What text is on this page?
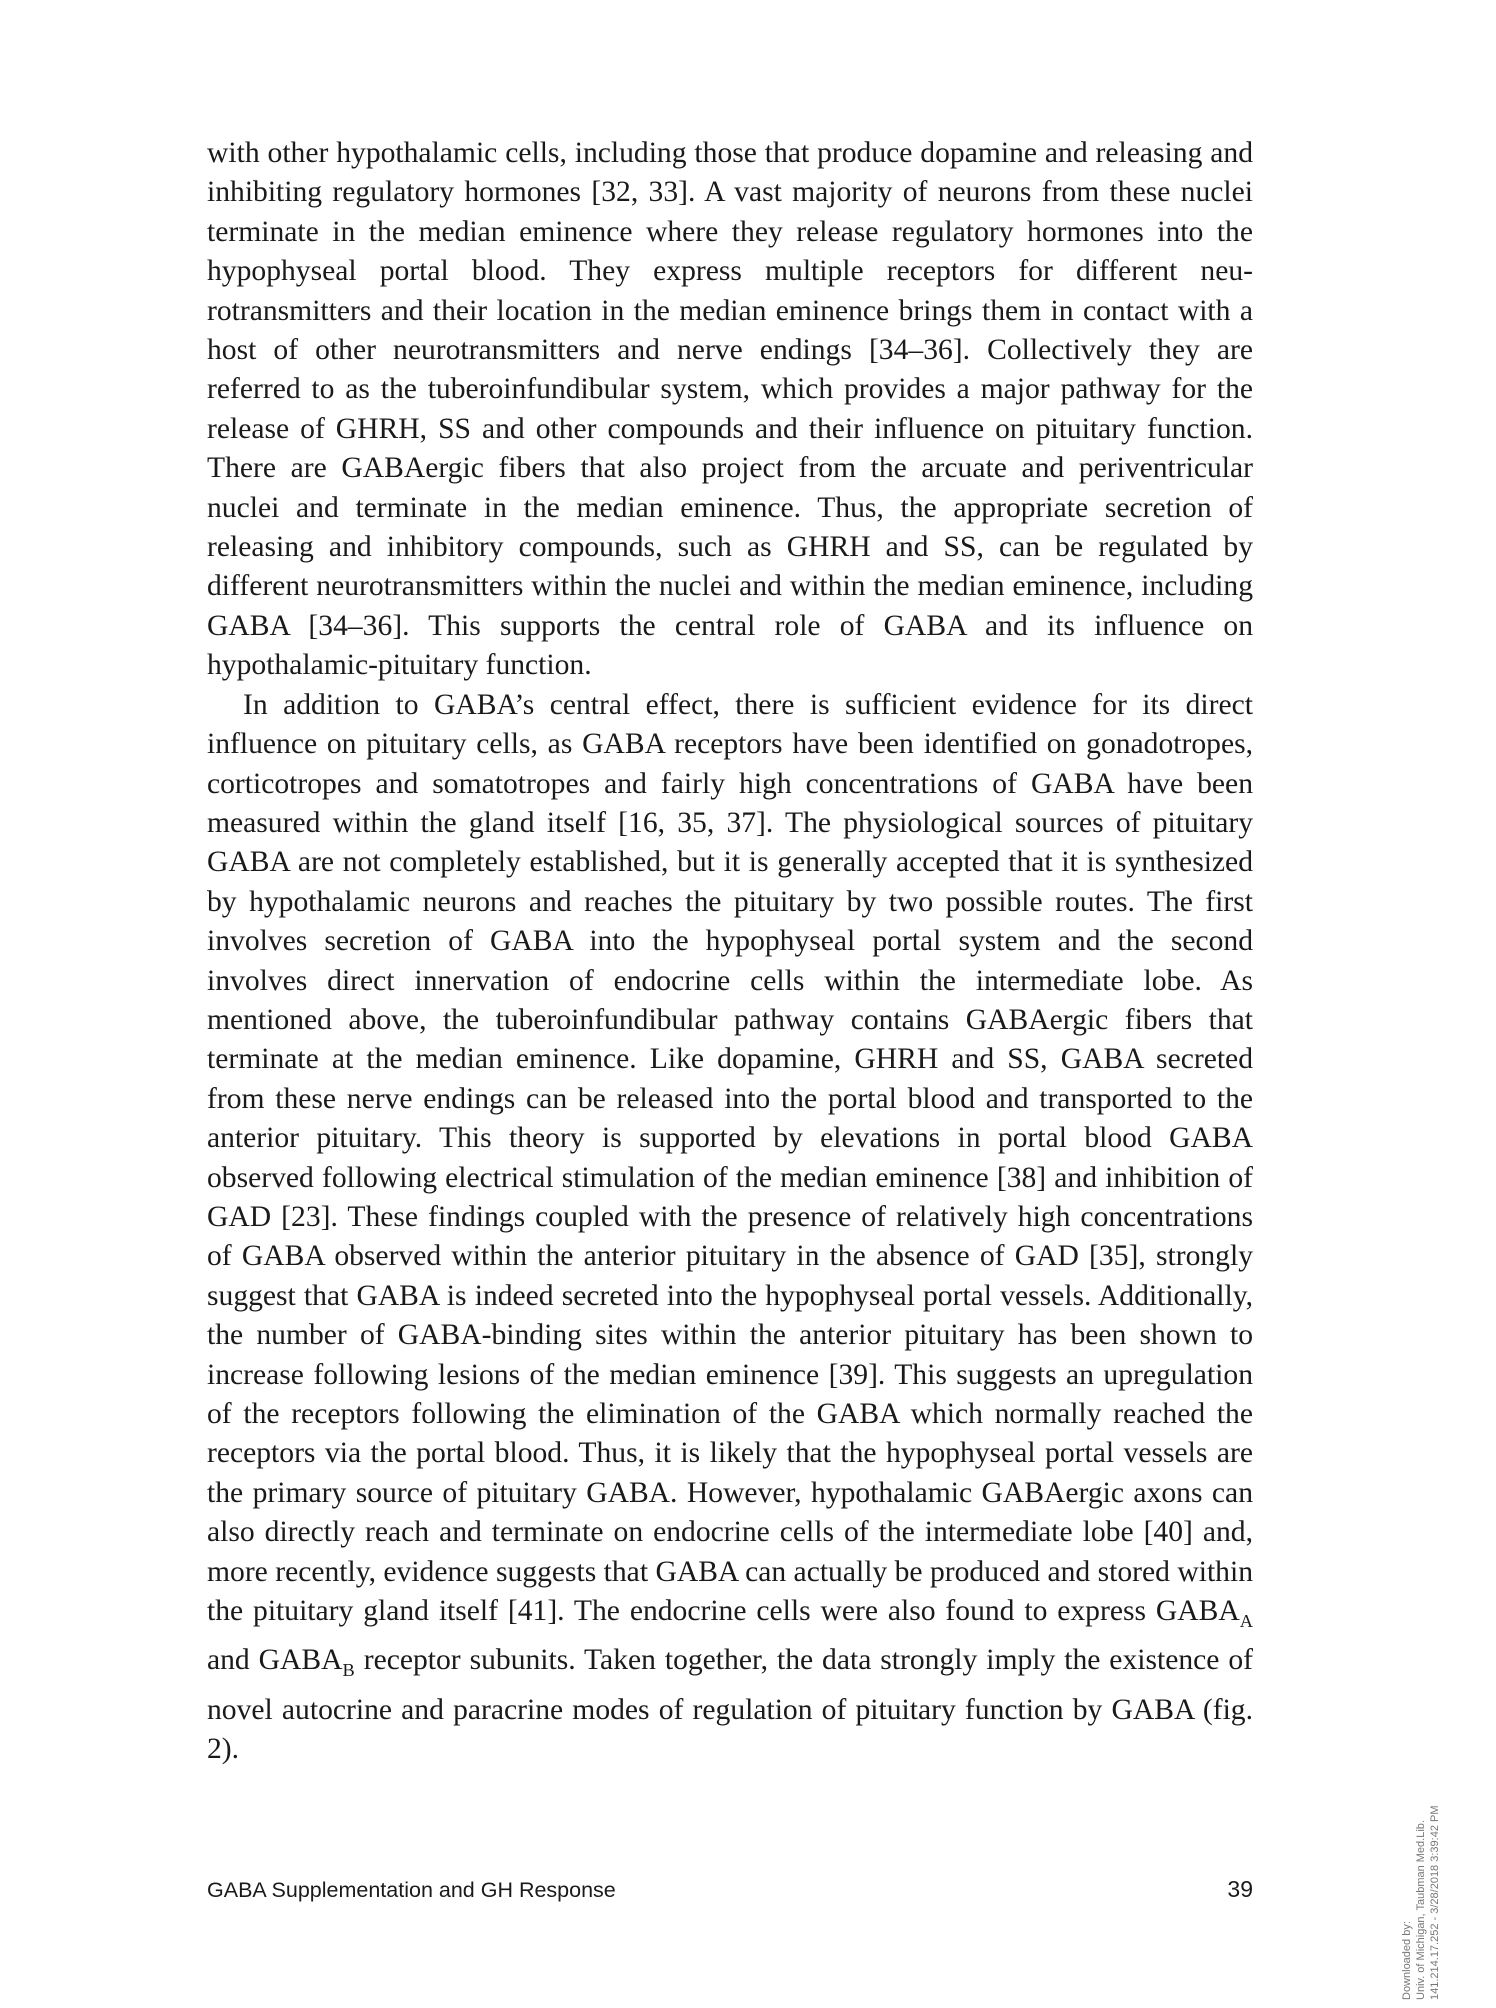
with other hypothalamic cells, including those that produce dopamine and releasing and inhibiting regulatory hormones [32, 33]. A vast majority of neurons from these nuclei terminate in the median eminence where they release regulatory hormones into the hypophyseal portal blood. They express multiple receptors for different neurotransmitters and their location in the median eminence brings them in contact with a host of other neurotransmitters and nerve endings [34–36]. Collectively they are referred to as the tuberoinfundibular system, which provides a major pathway for the release of GHRH, SS and other compounds and their influence on pituitary function. There are GABAergic fibers that also project from the arcuate and periventricular nuclei and terminate in the median eminence. Thus, the appropriate secretion of releasing and inhibitory compounds, such as GHRH and SS, can be regulated by different neurotransmitters within the nuclei and within the median eminence, including GABA [34–36]. This supports the central role of GABA and its influence on hypothalamic-pituitary function.

In addition to GABA’s central effect, there is sufficient evidence for its direct influence on pituitary cells, as GABA receptors have been identified on gonadotropes, corticotropes and somatotropes and fairly high concentrations of GABA have been measured within the gland itself [16, 35, 37]. The physiological sources of pituitary GABA are not completely established, but it is generally accepted that it is synthesized by hypothalamic neurons and reaches the pituitary by two possible routes. The first involves secretion of GABA into the hypophyseal portal system and the second involves direct innervation of endocrine cells within the intermediate lobe. As mentioned above, the tuberoinfundibular pathway contains GABAergic fibers that terminate at the median eminence. Like dopamine, GHRH and SS, GABA secreted from these nerve endings can be released into the portal blood and transported to the anterior pituitary. This theory is supported by elevations in portal blood GABA observed following electrical stimulation of the median eminence [38] and inhibition of GAD [23]. These findings coupled with the presence of relatively high concentrations of GABA observed within the anterior pituitary in the absence of GAD [35], strongly suggest that GABA is indeed secreted into the hypophyseal portal vessels. Additionally, the number of GABA-binding sites within the anterior pituitary has been shown to increase following lesions of the median eminence [39]. This suggests an upregulation of the receptors following the elimination of the GABA which normally reached the receptors via the portal blood. Thus, it is likely that the hypophyseal portal vessels are the primary source of pituitary GABA. However, hypothalamic GABAergic axons can also directly reach and terminate on endocrine cells of the intermediate lobe [40] and, more recently, evidence suggests that GABA can actually be produced and stored within the pituitary gland itself [41]. The endocrine cells were also found to express $GABA_A$ and $GABA_B$ receptor subunits. Taken together, the data strongly imply the existence of novel autocrine and paracrine modes of regulation of pituitary function by GABA (fig. 2).

GABA Supplementation and GH Response	39
Downloaded by: Univ. of Michigan, Taubman Med.Lib. 141.214.17.252 - 3/28/2018 3:39:42 PM
